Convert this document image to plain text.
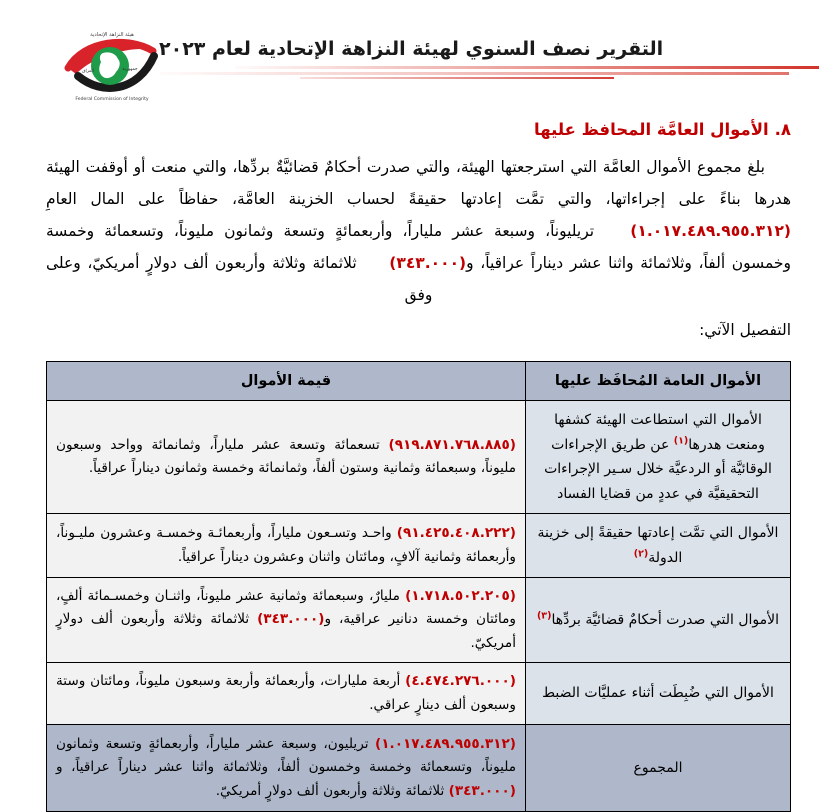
هيئة النزاهة الإتحادية
Federal Commission of Integrity
جمهورية
العراق
التقرير نصف السنوي لهيئة النزاهة الإتحادية لعام ٢٠٢٣
٨.الأموال العامَّة المحافظ عليها

بلغ مجموع الأموال العامَّة التي استرجعتها الهيئة، والتي صدرت أحكامٌ قضائيَّةٌ بردِّها، والتي منعت أو أوقفت الهيئة هدرها بناءً على إجراءاتها، والتي تمَّت إعادتها حقيقةً لحساب الخزينة العامَّة، حفاظاً على المال العامِ (١.٠١٧.٤٨٩.٩٥٥.٣١٢) تريليوناً، وسبعة عشر ملياراً، وأربعمائةٍ وتسعة وثمانون مليوناً، وتسعمائة وخمسة وخمسون ألفاً، وثلاثمائة واثنا عشر ديناراً عراقياً، و(٣٤٣.٠٠٠) ثلاثمائة وثلاثة وأربعون ألف دولارٍ أمريكيّ، وعلى وفق

التفصيل الآتي:

الأموال العامة المُحافَظ عليها	قيمة الأموال
الأموال التي استطاعت الهيئة كشفها ومنعت هدرها$^{(١)}$ عن طريق الإجراءات الوقائيَّة أو الردعيَّة خلال سـير الإجراءات التحقيقيَّة في عددٍ من قضايا الفساد	(٩١٩.٨٧١.٧٦٨.٨٨٥) تسعمائة وتسعة عشر ملياراً، وثمانمائة وواحد وسبعون مليوناً، وسبعمائة وثمانية وستون ألفاً، وثمانمائة وخمسة وثمانون ديناراً عراقياً.
الأموال التي تمَّت إعادتها حقيقةً إلى خزينة الدولة$^{(٢)}$	(٩١.٤٢٥.٤٠٨.٢٢٢) واحـد وتسـعون ملياراً، وأربعمائـة وخمسـة وعشرون مليـوناً، وأربعمائة وثمانية آلافٍ، ومائتان واثنان وعشرون ديناراً عراقياً.
الأموال التي صدرت أحكامٌ قضائيَّة بردِّها$^{(٣)}$	(١.٧١٨.٥٠٢.٢٠٥) مليارٌ، وسبعمائة وثمانية عشر مليوناً، واثنـان وخمسـمائة ألفٍ، ومائتان وخمسة دنانير عراقية، و(٣٤٣.٠٠٠) ثلاثمائة وثلاثة وأربعون ألف دولارٍ أمريكيّ.
الأموال التي ضُبِطَت أثناء عمليَّات الضبط	(٤.٤٧٤.٢٧٦.٠٠٠) أربعة مليارات، وأربعمائة وأربعة وسبعون مليوناً، ومائتان وستة وسبعون ألف دينارٍ عراقي.
المجموع	(١.٠١٧.٤٨٩.٩٥٥.٣١٢) تريليون، وسبعة عشر ملياراً، وأربعمائةٍ وتسعة وثمانون مليوناً، وتسعمائة وخمسة وخمسون ألفاً، وثلاثمائة واثنا عشر ديناراً عراقياً، و(٣٤٣.٠٠٠) ثلاثمائة وثلاثة وأربعون ألف دولارٍ أمريكيّ.
